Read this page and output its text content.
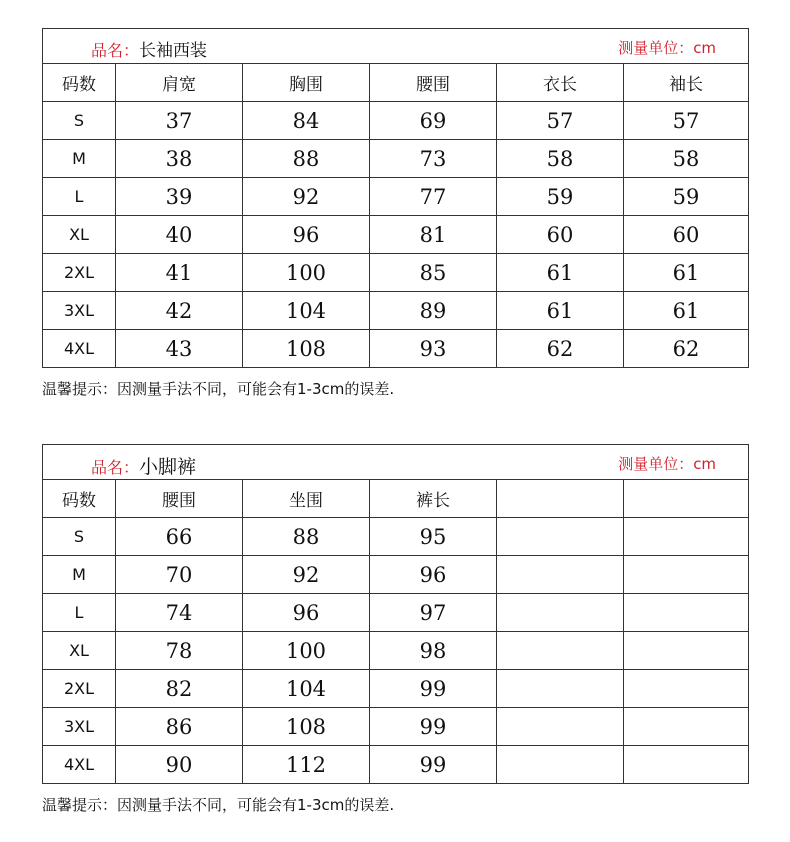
品名：长袖西装 测量单位：cm					

码数	肩宽	胸围	腰围	衣长	袖长
S	37	84	69	57	57
M	38	88	73	58	58
L	39	92	77	59	59
XL	40	96	81	60	60
2XL	41	100	85	61	61
3XL	42	104	89	61	61
4XL	43	108	93	62	62
温馨提示：因测量手法不同，可能会有1-3cm的误差.
品名：小脚裤 测量单位：cm					

码数	腰围	坐围	裤长		
S	66	88	95		
M	70	92	96		
L	74	96	97		
XL	78	100	98		
2XL	82	104	99		
3XL	86	108	99		
4XL	90	112	99		
温馨提示：因测量手法不同，可能会有1-3cm的误差.
